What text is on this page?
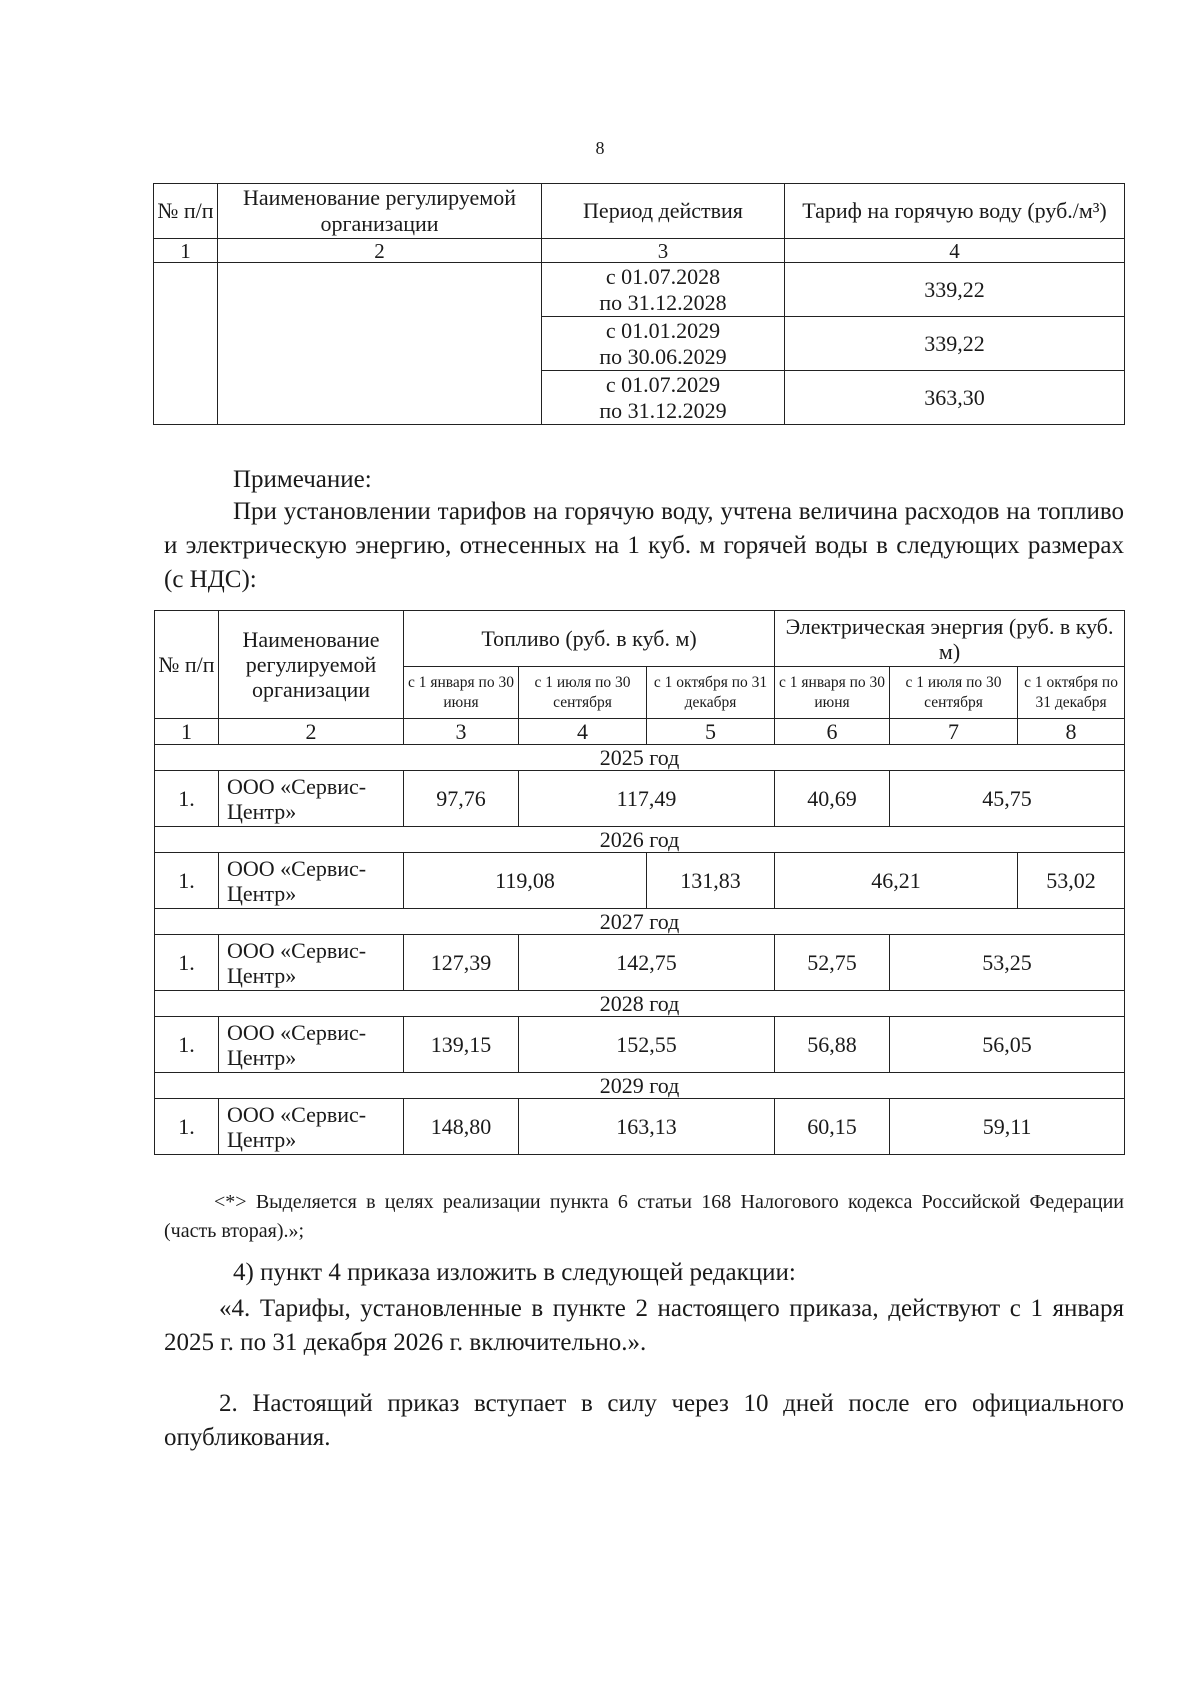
8
№ п/п	Наименование регулируемой организации	Период действия	Тариф на горячую воду (руб./м³)
1	2	3	4

		с 01.07.2028
по 31.12.2028	339,22

		с 01.01.2029
по 30.06.2029	339,22

		с 01.07.2029
по 31.12.2029	363,30
Примечание:
При установлении тарифов на горячую воду, учтена величина расходов на топливо и электрическую энергию, отнесенных на 1 куб. м горячей воды в следующих размерах (с НДС):
№ п/п	Наименование регулируемой организации	Топливо (руб. в куб. м)			Электрическая энергия (руб. в куб. м)		
		с 1 января по 30 июня	с 1 июля по 30 сентября	с 1 октября по 31 декабря	с 1 января по 30 июня	с 1 июля по 30 сентября	с 1 октября по 31 декабря
1	2	3	4	5	6	7	8
2025 год							
1.	ООО «Сервис-Центр»	97,76	117,49		40,69	45,75	
2026 год							
1.	ООО «Сервис-Центр»	119,08		131,83	46,21		53,02
2027 год							
1.	ООО «Сервис-Центр»	127,39	142,75		52,75	53,25	
2028 год							
1.	ООО «Сервис-Центр»	139,15	152,55		56,88	56,05	
2029 год							
1.	ООО «Сервис-Центр»	148,80	163,13		60,15	59,11	
<*> Выделяется в целях реализации пункта 6 статьи 168 Налогового кодекса Российской Федерации (часть вторая).»;
4) пункт 4 приказа изложить в следующей редакции:
«4. Тарифы, установленные в пункте 2 настоящего приказа, действуют с 1 января 2025 г. по 31 декабря 2026 г. включительно.».
2. Настоящий приказ вступает в силу через 10 дней после его официального опубликования.
